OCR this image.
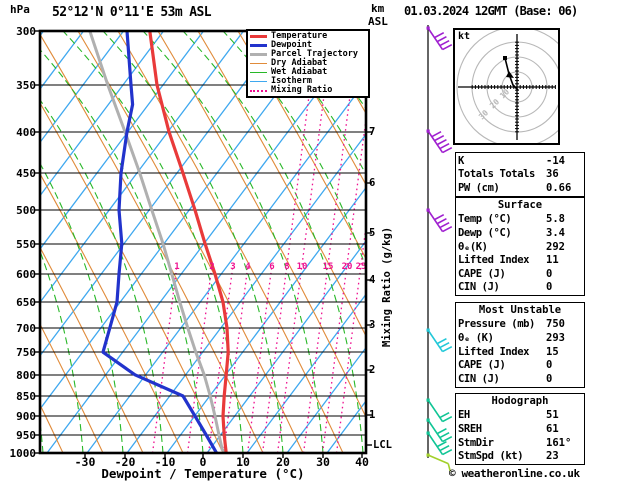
1	2 3 4 6 8 10 15 20 25
hPa 52°12'N 0°11'E 53m ASL	km
ASL
01.03.2024 12GMT (Base: 06)
300
350
400
450
500
550
600
650
700
750
800
850
900
950
1000
-30	-20	-10	0	10	20	30	40
7
6
5
4
3
2
1
LCL
Dewpoint / Temperature (°C)
Mixing Ratio (g/kg)
Temperature
Dewpoint
Parcel Trajectory
Dry Adiabat
Wet Adiabat
Isotherm
Mixing Ratio	10
20
30
kt
K	-14
Totals Totals	36
PW (cm)	0.66
Surface
Temp (°C)	5.8
Dewp (°C)	3.4
θₑ(K)	292
Lifted Index	11
CAPE (J)	0
CIN (J)	0
Most Unstable
Pressure (mb)	750
θₑ (K)	293
Lifted Index	15
CAPE (J)	0
CIN (J)	0
Hodograph
EH	51
SREH	61
StmDir	161°
StmSpd (kt)	23
© weatheronline.co.uk
